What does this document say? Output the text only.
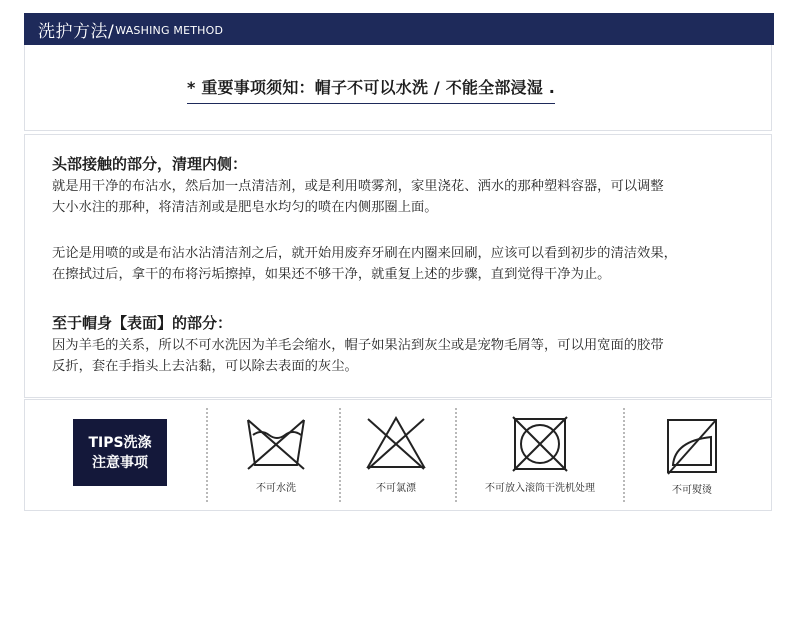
洗护方法/ WASHING METHOD
* 重要事项须知：帽子不可以水洗 / 不能全部浸湿 .
头部接触的部分，清理内侧：
就是用干净的布沾水，然后加一点清洁剂，或是利用喷雾剂，家里浇花、洒水的那种塑料容器，可以调整
大小水注的那种，将清洁剂或是肥皂水均匀的喷在内侧那圈上面。
无论是用喷的或是布沾水沾清洁剂之后，就开始用废弃牙刷在内圈来回刷，应该可以看到初步的清洁效果，
在擦拭过后，拿干的布将污垢擦掉，如果还不够干净，就重复上述的步骤，直到觉得干净为止。
至于帽身【表面】的部分：
因为羊毛的关系，所以不可水洗因为羊毛会缩水，帽子如果沾到灰尘或是宠物毛屑等，可以用宽面的胶带
反折，套在手指头上去沾黏，可以除去表面的灰尘。
TIPS洗涤
注意事项
不可水洗	不可氯漂	不可放入滚筒干洗机处理	不可熨烫
